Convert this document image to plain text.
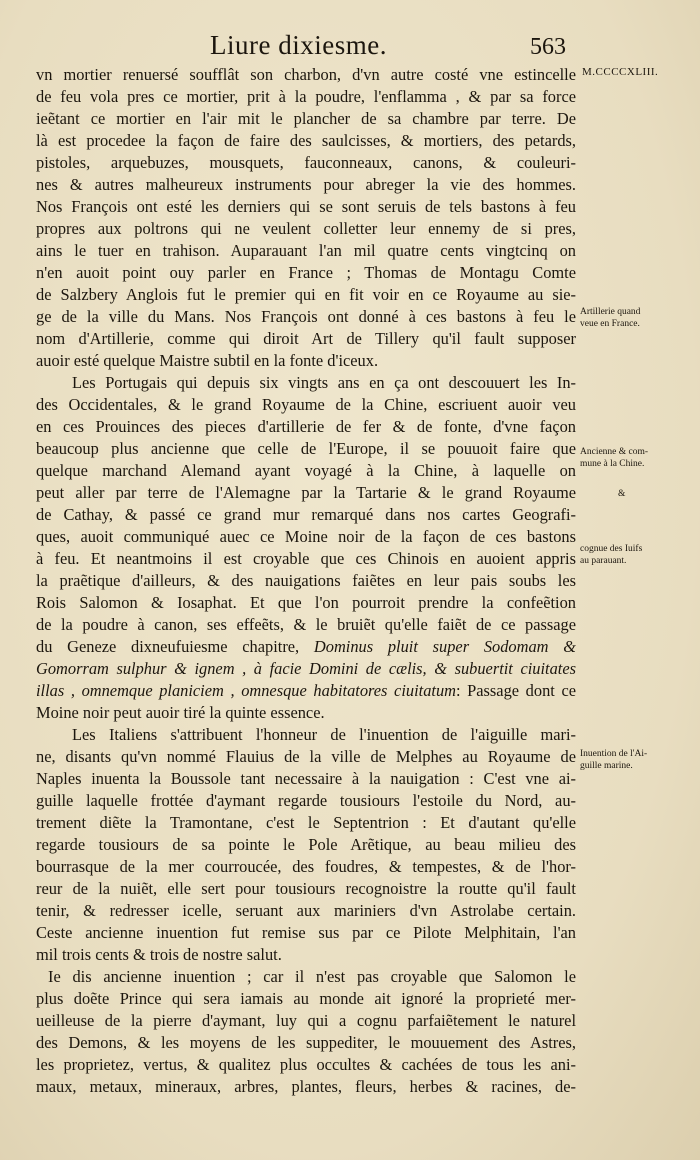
Liure dixiesme.	563
M.CCCCXLIII.
Artillerie quand
veue en France.
Ancienne & com-
mune à la Chine.
&
cognue des Iuifs
au parauant.
Inuention de l'Ai-
guille marine.
vn mortier renuersé soufflât son charbon, d'vn autre costé vne estincelle
de feu vola pres ce mortier, prit à la poudre, l'enflamma , & par sa force
ieẽtant ce mortier en l'air mit le plancher de sa chambre par terre. De
là est procedee la façon de faire des saulcisses, & mortiers, des petards,
pistoles, arquebuzes, mousquets, fauconneaux, canons, & couleuri-
nes & autres malheureux instruments pour abreger la vie des hommes.
Nos François ont esté les derniers qui se sont seruis de tels bastons à feu
propres aux poltrons qui ne veulent colletter leur ennemy de si pres,
ains le tuer en trahison. Auparauant l'an mil quatre cents vingtcinq on
n'en auoit point ouy parler en France ; Thomas de Montagu Comte
de Salzbery Anglois fut le premier qui en fit voir en ce Royaume au sie-
ge de la ville du Mans. Nos François ont donné à ces bastons à feu le
nom d'Artillerie, comme qui diroit Art de Tillery qu'il fault supposer
auoir esté quelque Maistre subtil en la fonte d'iceux.
Les Portugais qui depuis six vingts ans en ça ont descouuert les In-
des Occidentales, & le grand Royaume de la Chine, escriuent auoir veu
en ces Prouinces des pieces d'artillerie de fer & de fonte, d'vne façon
beaucoup plus ancienne que celle de l'Europe, il se pouuoit faire que
quelque marchand Alemand ayant voyagé à la Chine, à laquelle on
peut aller par terre de l'Alemagne par la Tartarie & le grand Royaume
de Cathay, & passé ce grand mur remarqué dans nos cartes Geografi-
ques, auoit communiqué auec ce Moine noir de la façon de ces bastons
à feu. Et neantmoins il est croyable que ces Chinois en auoient appris
la praẽtique d'ailleurs, & des nauigations faiẽtes en leur pais soubs les
Rois Salomon & Iosaphat. Et que l'on pourroit prendre la confeẽtion
de la poudre à canon, ses effeẽts, & le bruiẽt qu'elle faiẽt de ce passage
du Geneze dixneufuiesme chapitre, Dominus pluit super Sodomam &
Gomorram sulphur & ignem , à facie Domini de cælis, & subuertit ciuitates
illas , omnemque planiciem , omnesque habitatores ciuitatum: Passage dont ce
Moine noir peut auoir tiré la quinte essence.
Les Italiens s'attribuent l'honneur de l'inuention de l'aiguille mari-
ne, disants qu'vn nommé Flauius de la ville de Melphes au Royaume de
Naples inuenta la Boussole tant necessaire à la nauigation : C'est vne ai-
guille laquelle frottée d'aymant regarde tousiours l'estoile du Nord, au-
trement diẽte la Tramontane, c'est le Septentrion : Et d'autant qu'elle
regarde tousiours de sa pointe le Pole Arẽtique, au beau milieu des
bourrasque de la mer courroucée, des foudres, & tempestes, & de l'hor-
reur de la nuiẽt, elle sert pour tousiours recognoistre la routte qu'il fault
tenir, & redresser icelle, seruant aux mariniers d'vn Astrolabe certain.
Ceste ancienne inuention fut remise sus par ce Pilote Melphitain, l'an
mil trois cents & trois de nostre salut.
Ie dis ancienne inuention ; car il n'est pas croyable que Salomon le
plus doẽte Prince qui sera iamais au monde ait ignoré la proprieté mer-
ueilleuse de la pierre d'aymant, luy qui a cognu parfaiẽtement le naturel
des Demons, & les moyens de les suppediter, le mouuement des Astres,
les proprietez, vertus, & qualitez plus occultes & cachées de tous les ani-
maux, metaux, mineraux, arbres, plantes, fleurs, herbes & racines, de-
